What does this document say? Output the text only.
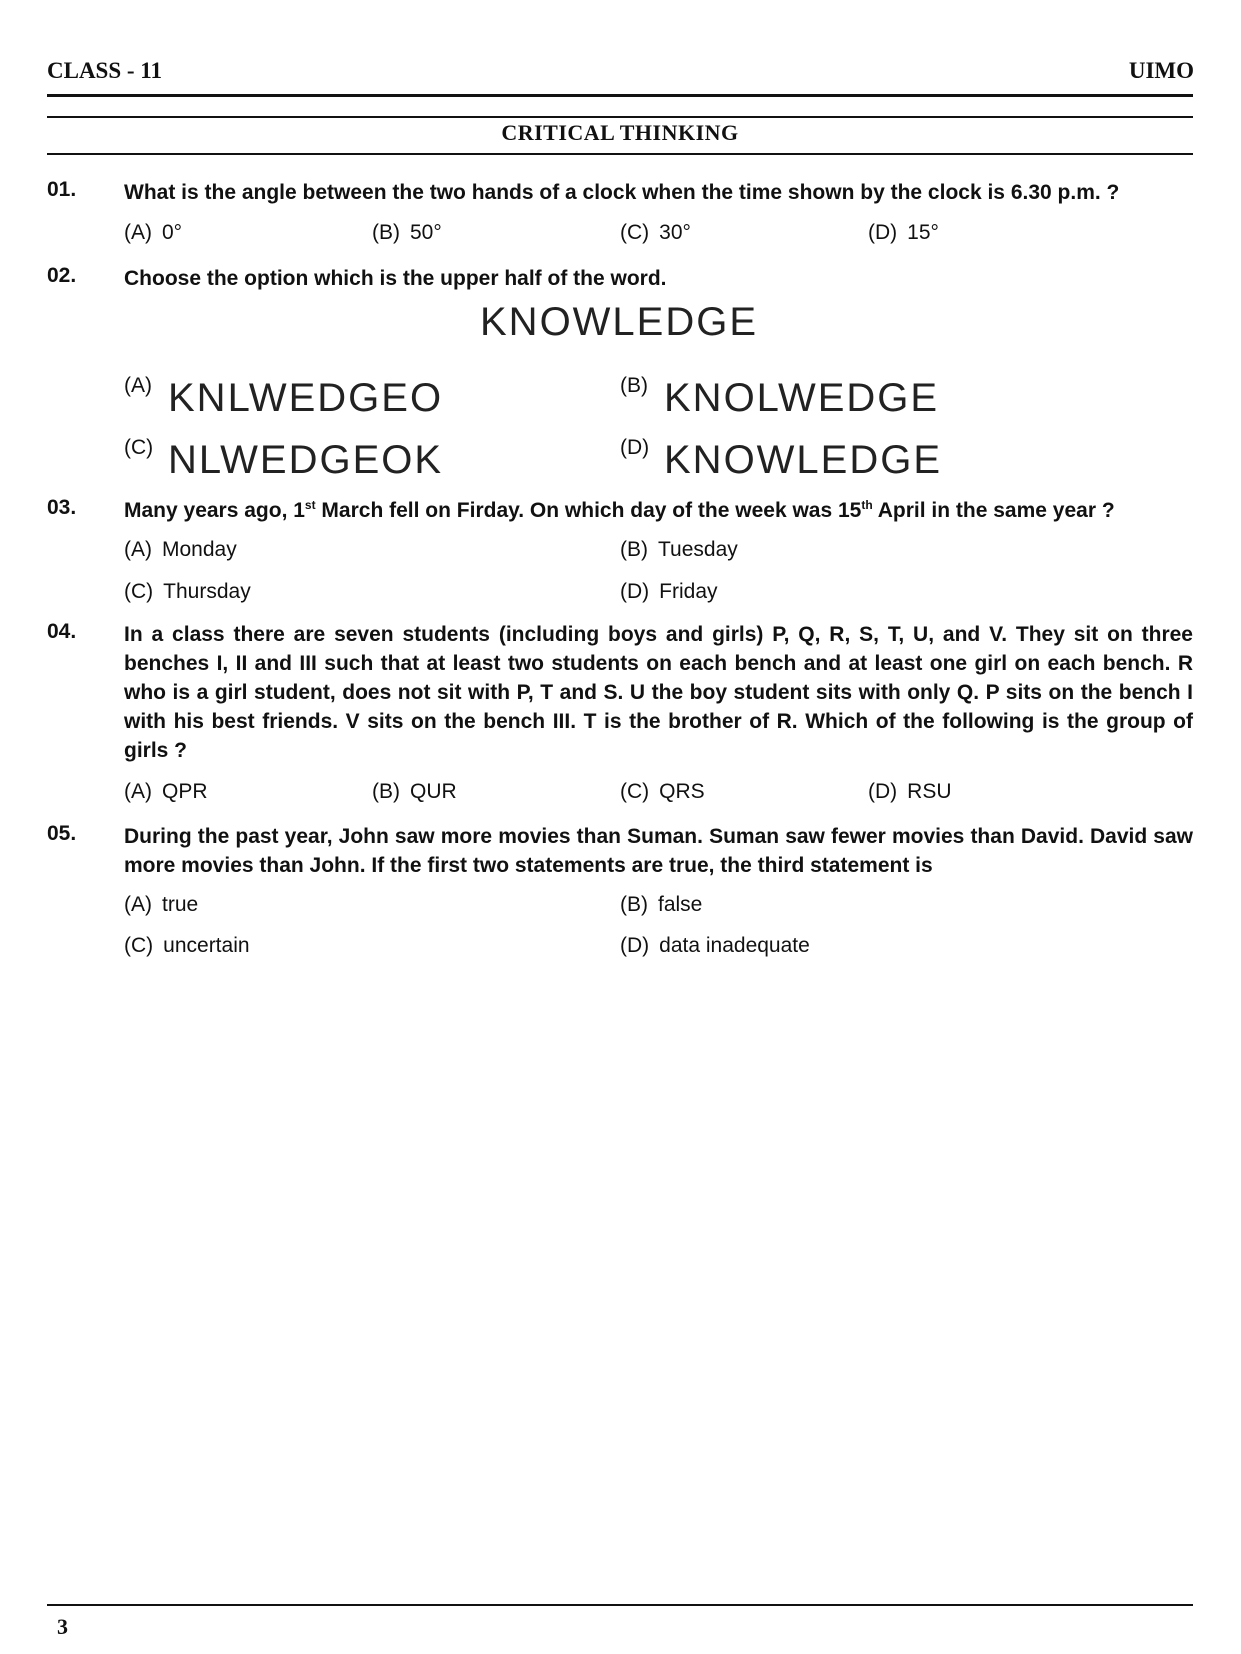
CLASS - 11	UIMO
CRITICAL THINKING
01. What is the angle between the two hands of a clock when the time shown by the clock is 6.30 p.m. ?
(A) 0°	(B) 50°	(C) 30°	(D) 15°
02. Choose the option which is the upper half of the word.
KNOWLEDGE
(A) KNLWEDGEO	(B) KNOLWEDGE
(C) NLWEDGEOK	(D) KNOWLEDGE
03. Many years ago, 1st March fell on Firday. On which day of the week was 15th April in the same year ?
(A) Monday	(B) Tuesday
(C) Thursday	(D) Friday
04. In a class there are seven students (including boys and girls) P, Q, R, S, T, U, and V. They sit on three benches I, II and III such that at least two students on each bench and at least one girl on each bench. R who is a girl student, does not sit with P, T and S. U the boy student sits with only Q. P sits on the bench I with his best friends. V sits on the bench III. T is the brother of R. Which of the following is the group of girls ?
(A) QPR	(B) QUR	(C) QRS	(D) RSU
05. During the past year, John saw more movies than Suman. Suman saw fewer movies than David. David saw more movies than John. If the first two statements are true, the third statement is
(A) true	(B) false
(C) uncertain	(D) data inadequate
3
